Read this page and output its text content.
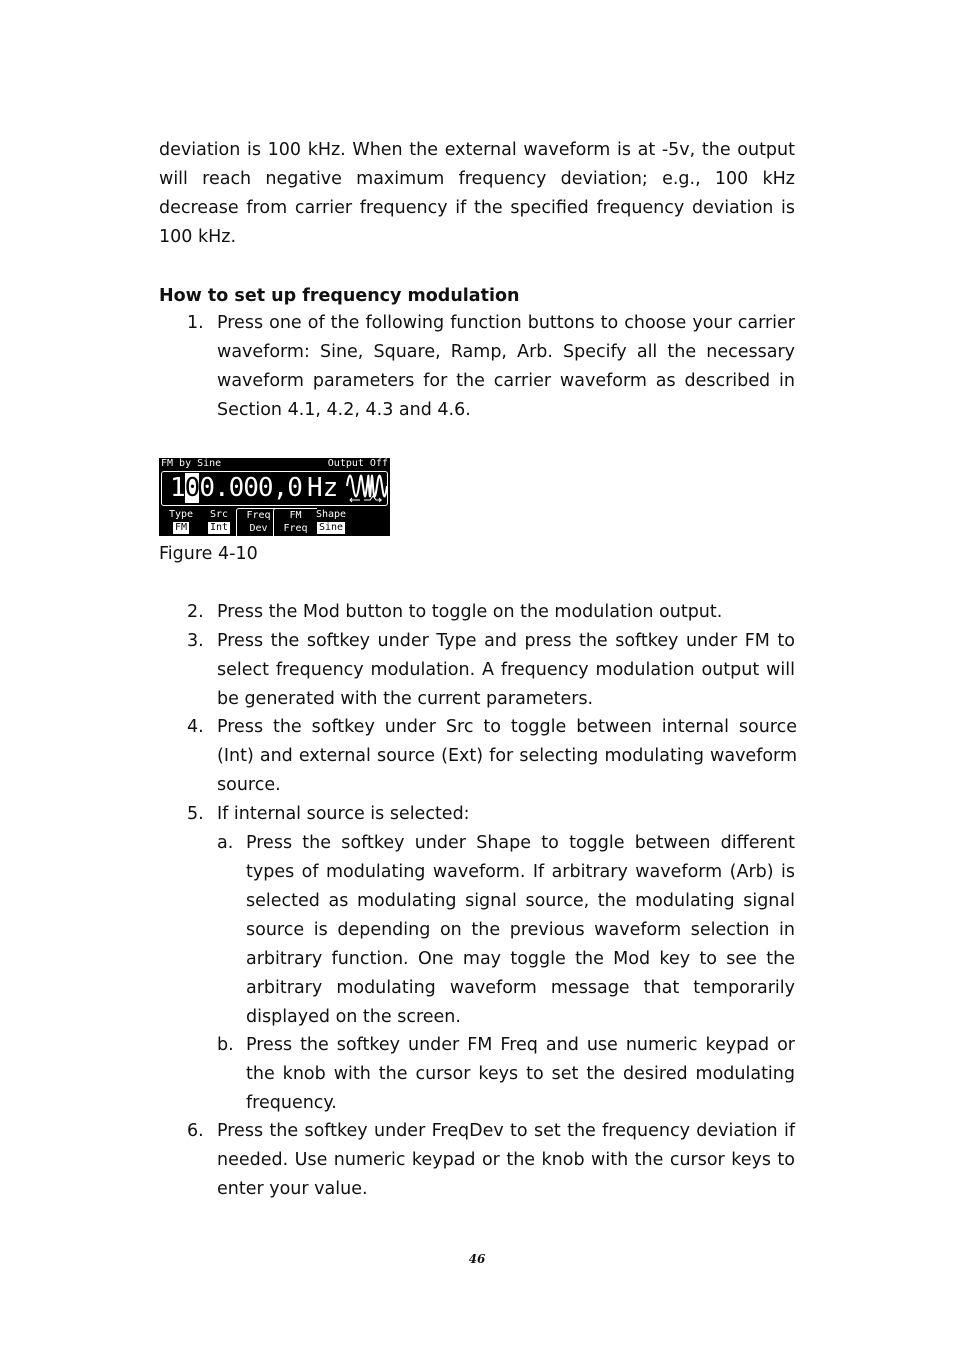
deviation is 100 kHz. When the external waveform is at -5v, the output will reach negative maximum frequency deviation; e.g., 100 kHz decrease from carrier frequency if the specified frequency deviation is 100 kHz.

How to set up frequency modulation

1. Press one of the following function buttons to choose your carrier waveform: Sine, Square, Ramp, Arb. Specify all the necessary waveform parameters for the carrier waveform as described in Section 4.1, 4.2, 4.3 and 4.6.

FM by Sine	Output Off
100.000,0 Hz
Type
FM
Src
Int
Freq
Dev
FM
Freq
Shape
Sine
Figure 4-10
2. Press the Mod button to toggle on the modulation output.

3. Press the softkey under Type and press the softkey under FM to select frequency modulation. A frequency modulation output will be generated with the current parameters.

4. Press the softkey under Src to toggle between internal source (Int) and external source (Ext) for selecting modulating waveform source.

5. If internal source is selected:

a. Press the softkey under Shape to toggle between different types of modulating waveform. If arbitrary waveform (Arb) is selected as modulating signal source, the modulating signal source is depending on the previous waveform selection in arbitrary function. One may toggle the Mod key to see the arbitrary modulating waveform message that temporarily displayed on the screen.

b. Press the softkey under FM Freq and use numeric keypad or the knob with the cursor keys to set the desired modulating frequency.

6. Press the softkey under FreqDev to set the frequency deviation if needed. Use numeric keypad or the knob with the cursor keys to enter your value.

46
